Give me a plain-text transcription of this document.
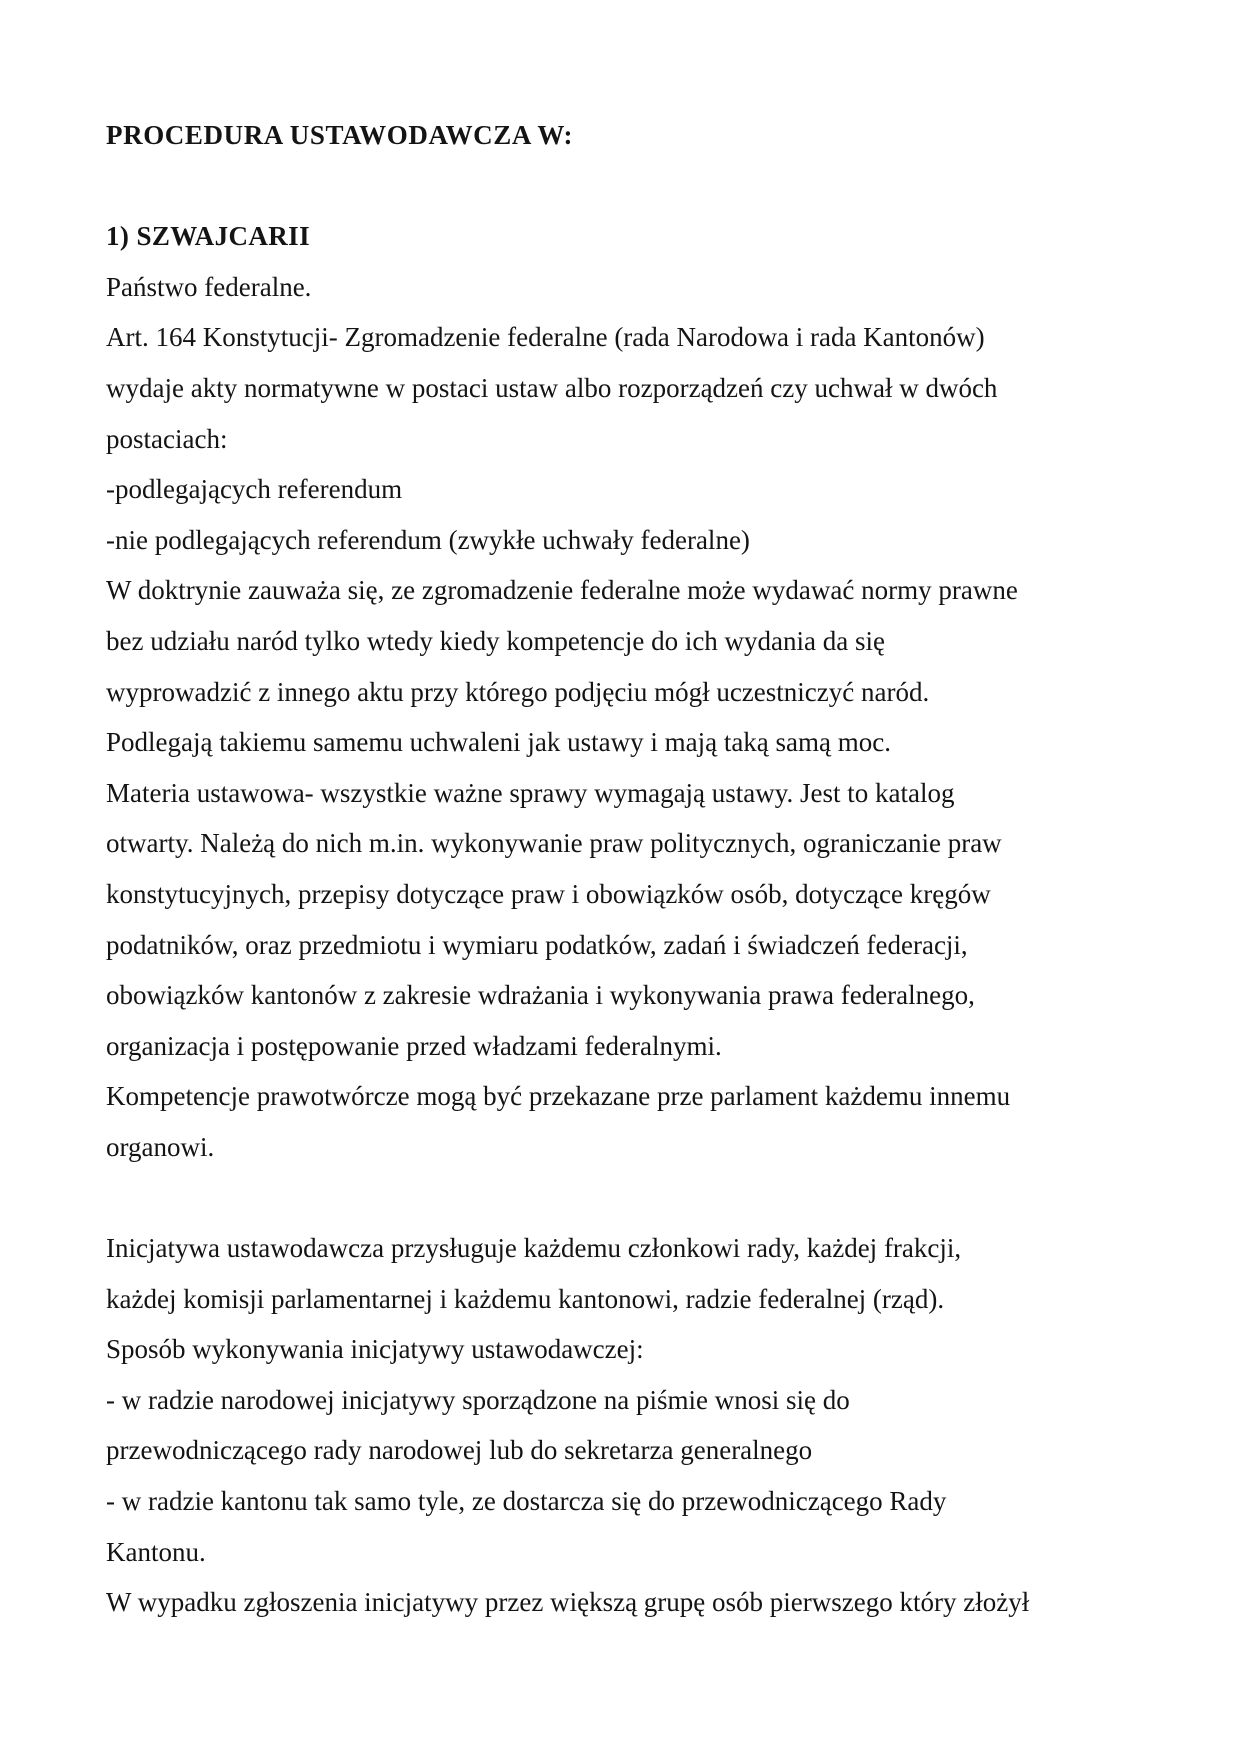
PROCEDURA USTAWODAWCZA W:
1) SZWAJCARII
Państwo federalne.
Art. 164 Konstytucji- Zgromadzenie federalne (rada Narodowa i rada Kantonów)
wydaje akty normatywne w postaci ustaw albo rozporządzeń czy uchwał w dwóch
postaciach:
-podlegających referendum
-nie podlegających referendum (zwykłe uchwały federalne)
W doktrynie zauważa się, ze zgromadzenie federalne może wydawać normy prawne
bez udziału naród tylko wtedy kiedy kompetencje do ich wydania da się
wyprowadzić z innego aktu przy którego podjęciu mógł uczestniczyć naród.
Podlegają takiemu samemu uchwaleni jak ustawy i mają taką samą moc.
Materia ustawowa- wszystkie ważne sprawy wymagają ustawy. Jest to katalog
otwarty. Należą do nich m.in. wykonywanie praw politycznych, ograniczanie praw
konstytucyjnych, przepisy dotyczące praw i obowiązków osób, dotyczące kręgów
podatników, oraz przedmiotu i wymiaru podatków, zadań i świadczeń federacji,
obowiązków kantonów z zakresie wdrażania i wykonywania prawa federalnego,
organizacja i postępowanie przed władzami federalnymi.
Kompetencje prawotwórcze mogą być przekazane prze parlament każdemu innemu
organowi.
Inicjatywa ustawodawcza przysługuje każdemu członkowi rady, każdej frakcji,
każdej komisji parlamentarnej i każdemu kantonowi, radzie federalnej (rząd).
Sposób wykonywania inicjatywy ustawodawczej:
- w radzie narodowej inicjatywy sporządzone na piśmie wnosi się do
przewodniczącego rady narodowej lub do sekretarza generalnego
- w radzie kantonu tak samo tyle, ze dostarcza się do przewodniczącego Rady
Kantonu.
W wypadku zgłoszenia inicjatywy przez większą grupę osób pierwszego który złożył
